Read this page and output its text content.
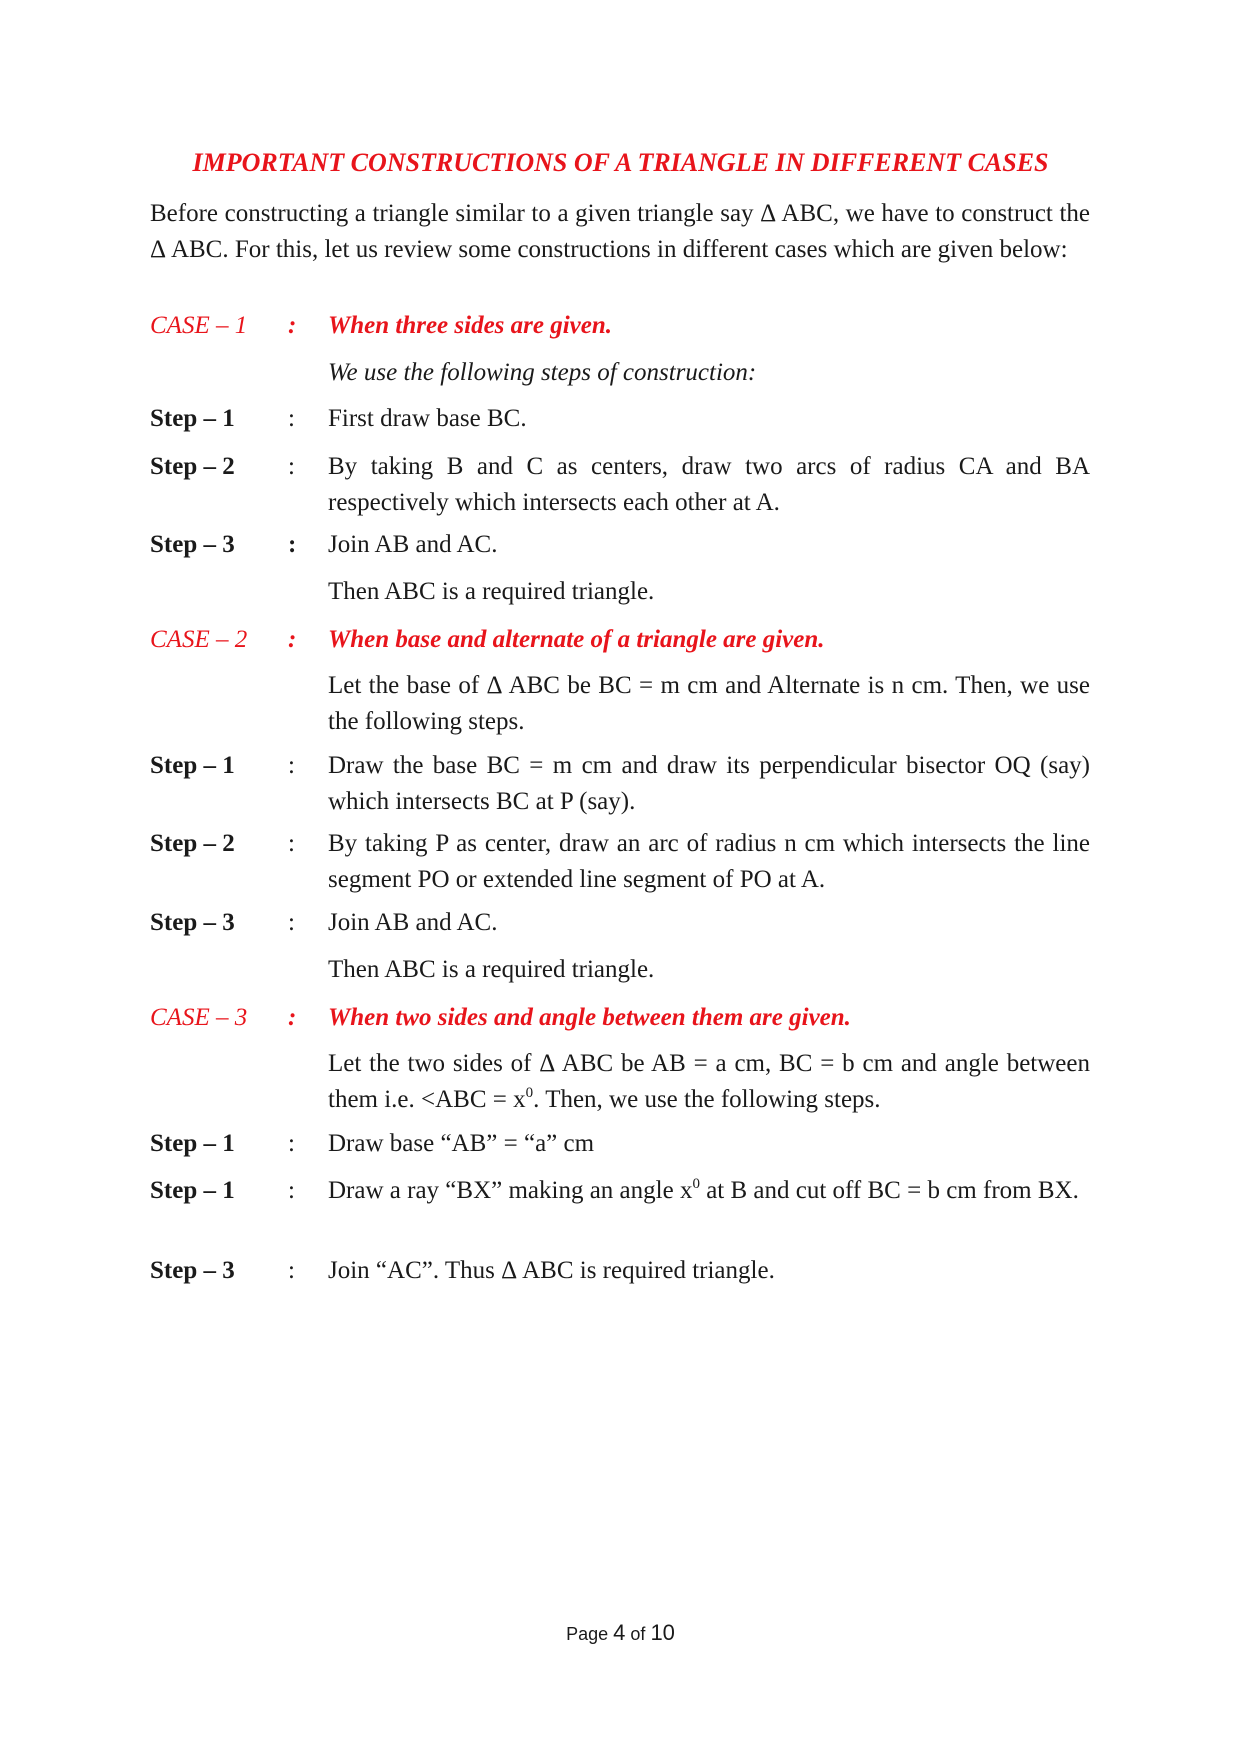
IMPORTANT CONSTRUCTIONS OF A TRIANGLE IN DIFFERENT CASES

Before constructing a triangle similar to a given triangle say Δ ABC, we have to construct the Δ ABC. For this, let us review some constructions in different cases which are given below:

CASE – 1 : When three sides are given.
We use the following steps of construction:
Step – 1 : First draw base BC.
Step – 2 : By taking B and C as centers, draw two arcs of radius CA and BA respectively which intersects each other at A.
Step – 3 : Join AB and AC.
Then ABC is a required triangle.
CASE – 2 : When base and alternate of a triangle are given.
Let the base of Δ ABC be BC = m cm and Alternate is n cm. Then, we use the following steps.
Step – 1 : Draw the base BC = m cm and draw its perpendicular bisector OQ (say) which intersects BC at P (say).
Step – 2 : By taking P as center, draw an arc of radius n cm which intersects the line segment PO or extended line segment of PO at A.
Step – 3 : Join AB and AC.
Then ABC is a required triangle.
CASE – 3 : When two sides and angle between them are given.
Let the two sides of Δ ABC be AB = a cm, BC = b cm and angle between them i.e. $<ABC = x^0$. Then, we use the following steps.
Step – 1 : Draw base “AB” = “a” cm
Step – 1 : Draw a ray “BX” making an angle $x^0$ at B and cut off BC = b cm from BX.
Step – 3 : Join “AC”. Thus Δ ABC is required triangle.
Page 4 of 10
